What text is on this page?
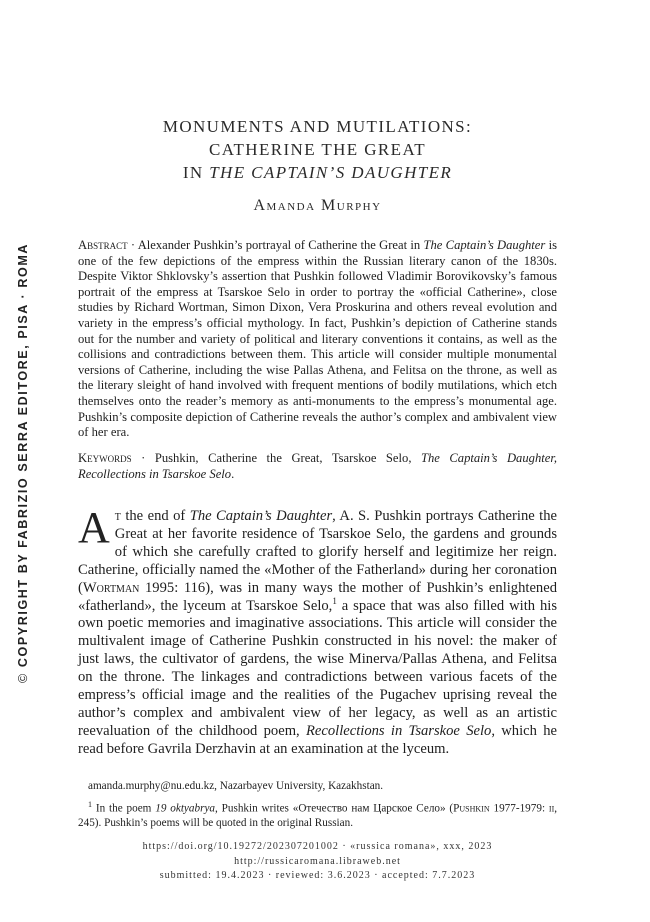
© COPYRIGHT BY FABRIZIO SERRA EDITORE, PISA · ROMA
MONUMENTS AND MUTILATIONS:
CATHERINE THE GREAT
IN THE CAPTAIN’S DAUGHTER
Amanda Murphy
Abstract · Alexander Pushkin’s portrayal of Catherine the Great in The Captain’s Daughter is one of the few depictions of the empress within the Russian literary canon of the 1830s. Despite Viktor Shklovsky’s assertion that Pushkin followed Vladimir Borovikovsky’s famous portrait of the empress at Tsarskoe Selo in order to portray the «official Catherine», close studies by Richard Wortman, Simon Dixon, Vera Proskurina and others reveal evolution and variety in the empress’s official mythology. In fact, Pushkin’s depiction of Catherine stands out for the number and variety of political and literary conventions it contains, as well as the collisions and contradictions between them. This article will consider multiple monumental versions of Catherine, including the wise Pallas Athena, and Felitsa on the throne, as well as the literary sleight of hand involved with frequent mentions of bodily mutilations, which etch themselves onto the reader’s memory as anti-monuments to the empress’s monumental age. Pushkin’s composite depiction of Catherine reveals the author’s complex and ambivalent view of her era.
Keywords · Pushkin, Catherine the Great, Tsarskoe Selo, The Captain’s Daughter, Recollections in Tsarskoe Selo.
At the end of The Captain’s Daughter, A. S. Pushkin portrays Catherine the Great at her favorite residence of Tsarskoe Selo, the gardens and grounds of which she carefully crafted to glorify herself and legitimize her reign. Catherine, officially named the «Mother of the Fatherland» during her coronation (Wortman 1995: 116), was in many ways the mother of Pushkin’s enlightened «fatherland», the lyceum at Tsarskoe Selo,$^1$ a space that was also filled with his own poetic memories and imaginative associations. This article will consider the multivalent image of Catherine Pushkin constructed in his novel: the maker of just laws, the cultivator of gardens, the wise Minerva/Pallas Athena, and Felitsa on the throne. The linkages and contradictions between various facets of the empress’s official image and the realities of the Pugachev uprising reveal the author’s complex and ambivalent view of her legacy, as well as an artistic reevaluation of the childhood poem, Recollections in Tsarskoe Selo, which he read before Gavrila Derzhavin at an examination at the lyceum.
amanda.murphy@nu.edu.kz, Nazarbayev University, Kazakhstan.
$^1$ In the poem 19 oktyabrya, Pushkin writes «Отечество нам Царское Село» (Pushkin 1977-1979: ii, 245). Pushkin’s poems will be quoted in the original Russian.
https://doi.org/10.19272/202307201002 · «russica romana», xxx, 2023
http://russicaromana.libraweb.net
submitted: 19.4.2023 · reviewed: 3.6.2023 · accepted: 7.7.2023
